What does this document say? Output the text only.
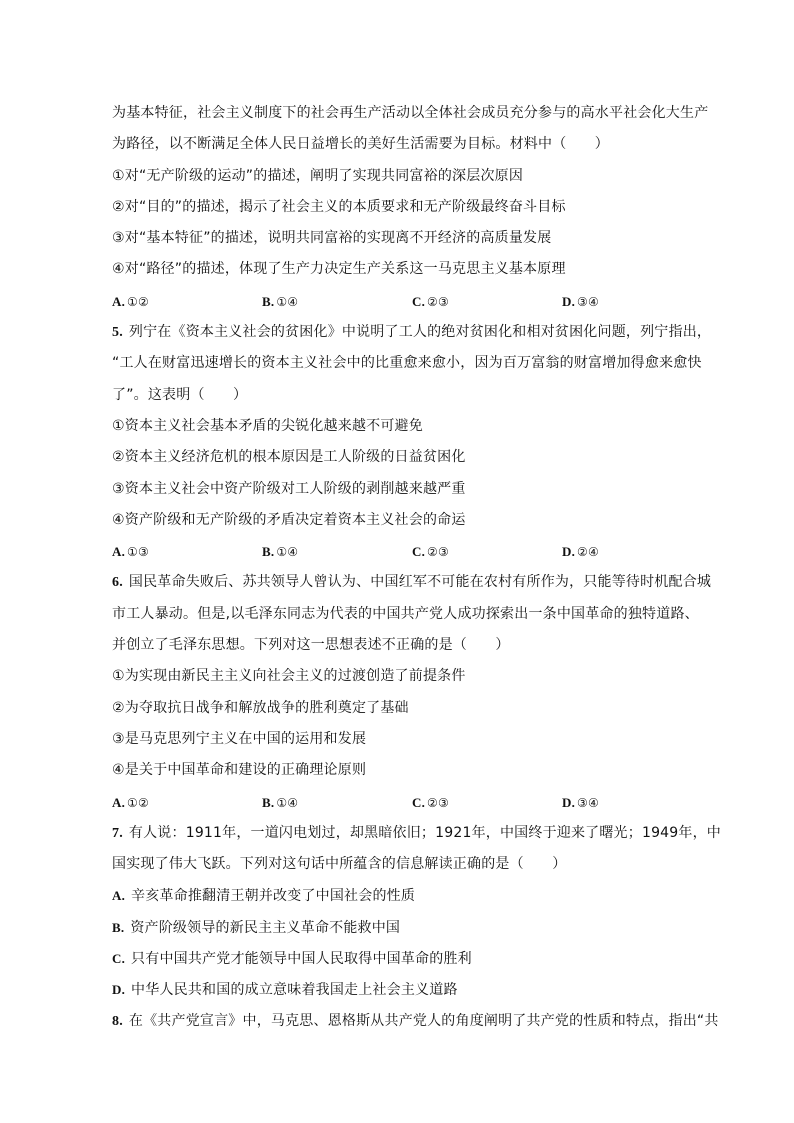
为基本特征，社会主义制度下的社会再生产活动以全体社会成员充分参与的高水平社会化大生产
为路径，以不断满足全体人民日益增长的美好生活需要为目标。材料中（　　）
①对“无产阶级的运动”的描述，阐明了实现共同富裕的深层次原因
②对“目的”的描述，揭示了社会主义的本质要求和无产阶级最终奋斗目标
③对“基本特征”的描述，说明共同富裕的实现离不开经济的高质量发展
④对“路径”的描述，体现了生产力决定生产关系这一马克思主义基本原理
A. ①②	B. ①④	C. ②③	D. ③④
5. 列宁在《资本主义社会的贫困化》中说明了工人的绝对贫困化和相对贫困化问题，列宁指出，
“工人在财富迅速增长的资本主义社会中的比重愈来愈小，因为百万富翁的财富增加得愈来愈快
了”。这表明（　　）
①资本主义社会基本矛盾的尖锐化越来越不可避免
②资本主义经济危机的根本原因是工人阶级的日益贫困化
③资本主义社会中资产阶级对工人阶级的剥削越来越严重
④资产阶级和无产阶级的矛盾决定着资本主义社会的命运
A. ①③	B. ①④	C. ②③	D. ②④
6. 国民革命失败后、苏共领导人曾认为、中国红军不可能在农村有所作为，只能等待时机配合城
市工人暴动。但是,以毛泽东同志为代表的中国共产党人成功探索出一条中国革命的独特道路、
并创立了毛泽东思想。下列对这一思想表述不正确的是（　　）
①为实现由新民主主义向社会主义的过渡创造了前提条件
②为夺取抗日战争和解放战争的胜利奠定了基础
③是马克思列宁主义在中国的运用和发展
④是关于中国革命和建设的正确理论原则
A. ①②	B. ①④	C. ②③	D. ③④
7. 有人说：1911年，一道闪电划过，却黑暗依旧；1921年，中国终于迎来了曙光；1949年，中
国实现了伟大飞跃。下列对这句话中所蕴含的信息解读正确的是（　　）
A. 辛亥革命推翻清王朝并改变了中国社会的性质
B. 资产阶级领导的新民主主义革命不能救中国
C. 只有中国共产党才能领导中国人民取得中国革命的胜利
D. 中华人民共和国的成立意味着我国走上社会主义道路
8. 在《共产党宣言》中，马克思、恩格斯从共产党人的角度阐明了共产党的性质和特点，指出“共
